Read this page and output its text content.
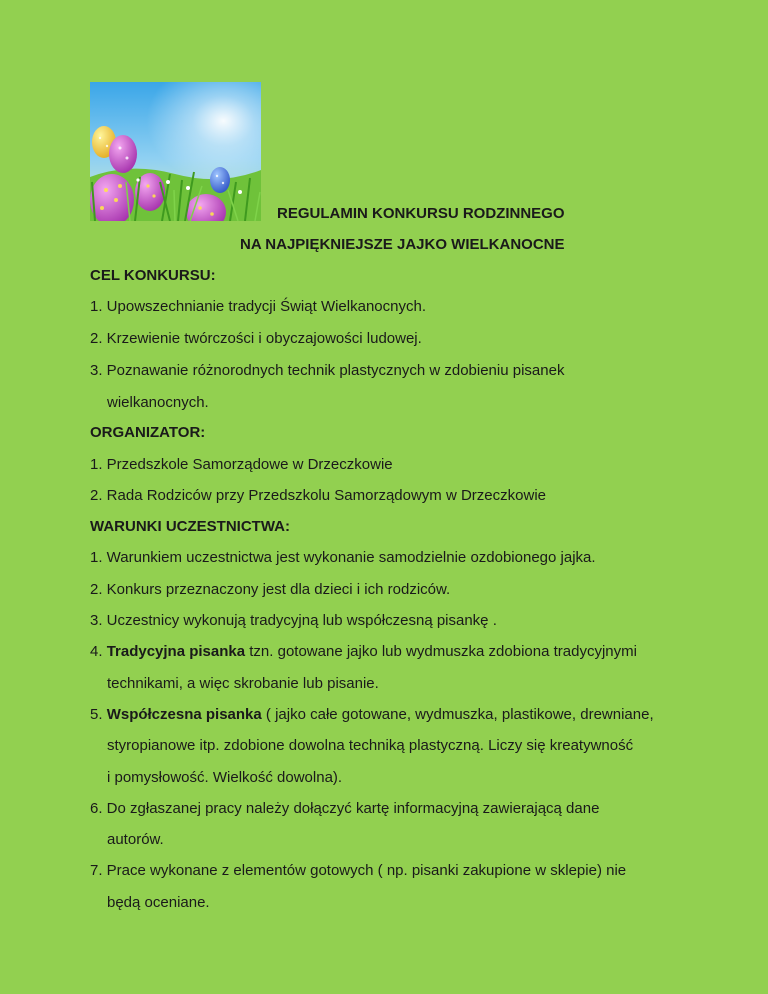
REGULAMIN KONKURSU RODZINNEGO
NA NAJPIĘKNIEJSZE JAJKO WIELKANOCNE
CEL KONKURSU:
1. Upowszechnianie tradycji Świąt Wielkanocnych.
2. Krzewienie twórczości i obyczajowości ludowej.
3. Poznawanie różnorodnych technik plastycznych w zdobieniu pisanek
wielkanocnych.
ORGANIZATOR:
1. Przedszkole Samorządowe w Drzeczkowie
2. Rada Rodziców przy Przedszkolu Samorządowym w Drzeczkowie
WARUNKI UCZESTNICTWA:
1. Warunkiem uczestnictwa jest wykonanie samodzielnie ozdobionego jajka.
2. Konkurs przeznaczony jest dla dzieci i ich rodziców.
3. Uczestnicy wykonują tradycyjną lub współczesną pisankę .
4. Tradycyjna pisanka tzn. gotowane jajko lub wydmuszka zdobiona tradycyjnymi
technikami, a więc skrobanie lub pisanie.
5. Współczesna pisanka ( jajko całe gotowane, wydmuszka, plastikowe, drewniane,
styropianowe itp. zdobione dowolna techniką plastyczną. Liczy się kreatywność
i pomysłowość. Wielkość dowolna).
6. Do zgłaszanej pracy należy dołączyć kartę informacyjną zawierającą dane
autorów.
7. Prace wykonane z elementów gotowych ( np. pisanki zakupione w sklepie) nie
będą oceniane.
